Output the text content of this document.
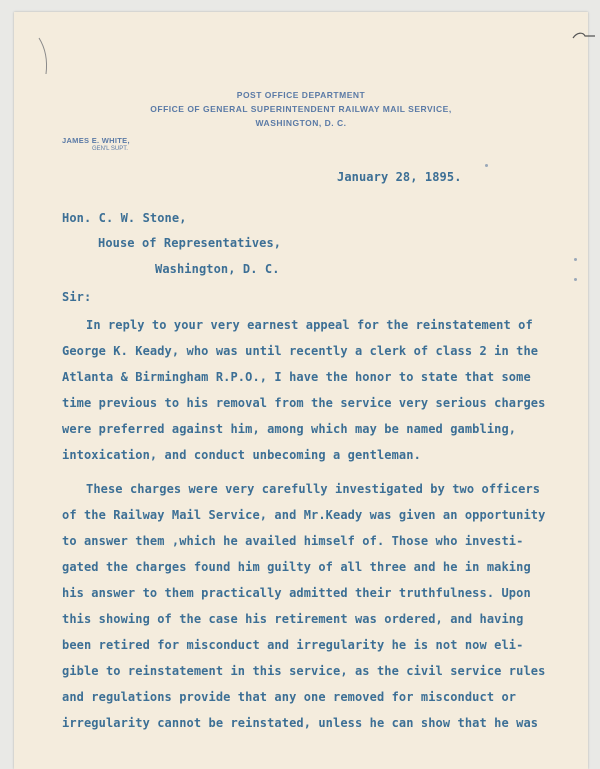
POST OFFICE DEPARTMENT
OFFICE OF GENERAL SUPERINTENDENT RAILWAY MAIL SERVICE,
WASHINGTON, D. C.
JAMES E. WHITE,
GEN'L SUPT.
January 28, 1895.
Hon. C. W. Stone,
House of Representatives,
Washington, D. C.
Sir:
In reply to your very earnest appeal for the reinstatement of
George K. Keady, who was until recently a clerk of class 2 in the
Atlanta & Birmingham R.P.O., I have the honor to state that some
time previous to his removal from the service very serious charges
were preferred against him, among which may be named gambling,
intoxication, and conduct unbecoming a gentleman.
These charges were very carefully investigated by two officers
of the Railway Mail Service, and Mr.Keady was given an opportunity
to answer them ,which he availed himself of. Those who investi-
gated the charges found him guilty of all three and he in making
his answer to them practically admitted their truthfulness. Upon
this showing of the case his retirement was ordered, and having
been retired for misconduct and irregularity he is not now eli-
gible to reinstatement in this service, as the civil service rules
and regulations provide that any one removed for misconduct or
irregularity cannot be reinstated, unless he can show that he was
